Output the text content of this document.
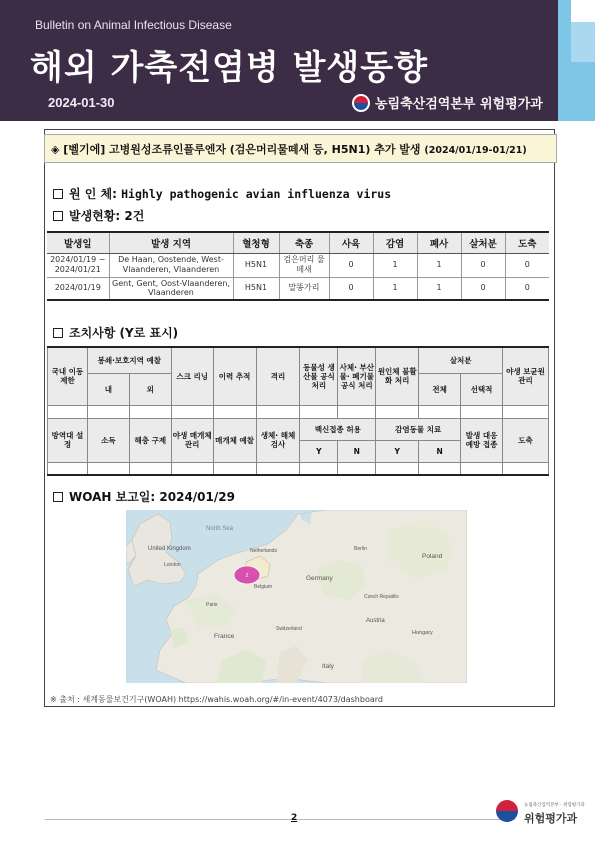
Bulletin on Animal Infectious Disease
해외 가축전염병 발생동향
2024-01-30	농림축산검역본부 위험평가과
◈ [벨기에] 고병원성조류인플루엔자 (검은머리물떼새 등, H5N1) 추가 발생 (2024/01/19-01/21)
원 인 체:
Highly pathogenic avian influenza virus
발생현황:
2건
발생일	발생 지역	혈청형	축종	사육	감염	폐사	살처분	도축
2024/01/19 ~ 2024/01/21	De Haan, Oostende, West-Vlaanderen, Vlaanderen	H5N1	검은머리 물떼새	0	1	1	0	0
2024/01/19	Gent, Gent, Oost-Vlaanderen, Vlaanderen	H5N1	말똥가리	0	1	1	0	0
조치사항 (Y로 표시)
국내 이동 제한	봉쇄·보호지역 예찰		스크 리닝	이력 추적	격리	동물성 생산물 공식 처리	사체· 부산물· 폐기물 공식 처리	원인체 불활화 처리	살처분		야생 보균원 관리
	내	외							전체	선택적	

방역대 설정	소독	해충 구제	야생 매개체 관리	매개체 예찰	생체· 해체 검사	백신접종 허용		감염동물 치료		발생 대응 예방 접종	도축
						Y	N	Y	N		

WOAH 보고일:
2024/01/29
2
United Kingdom
London
North Sea
Netherlands
Belgium
Paris
France
Germany
Berlin
Poland
Czech Republic
Austria
Switzerland
Hungary
Italy
※ 출처 : 세계동물보건기구(WOAH) https://wahis.woah.org/#/in-event/4073/dashboard
2
농림축산검역본부 · 위험평가과
위험평가과
